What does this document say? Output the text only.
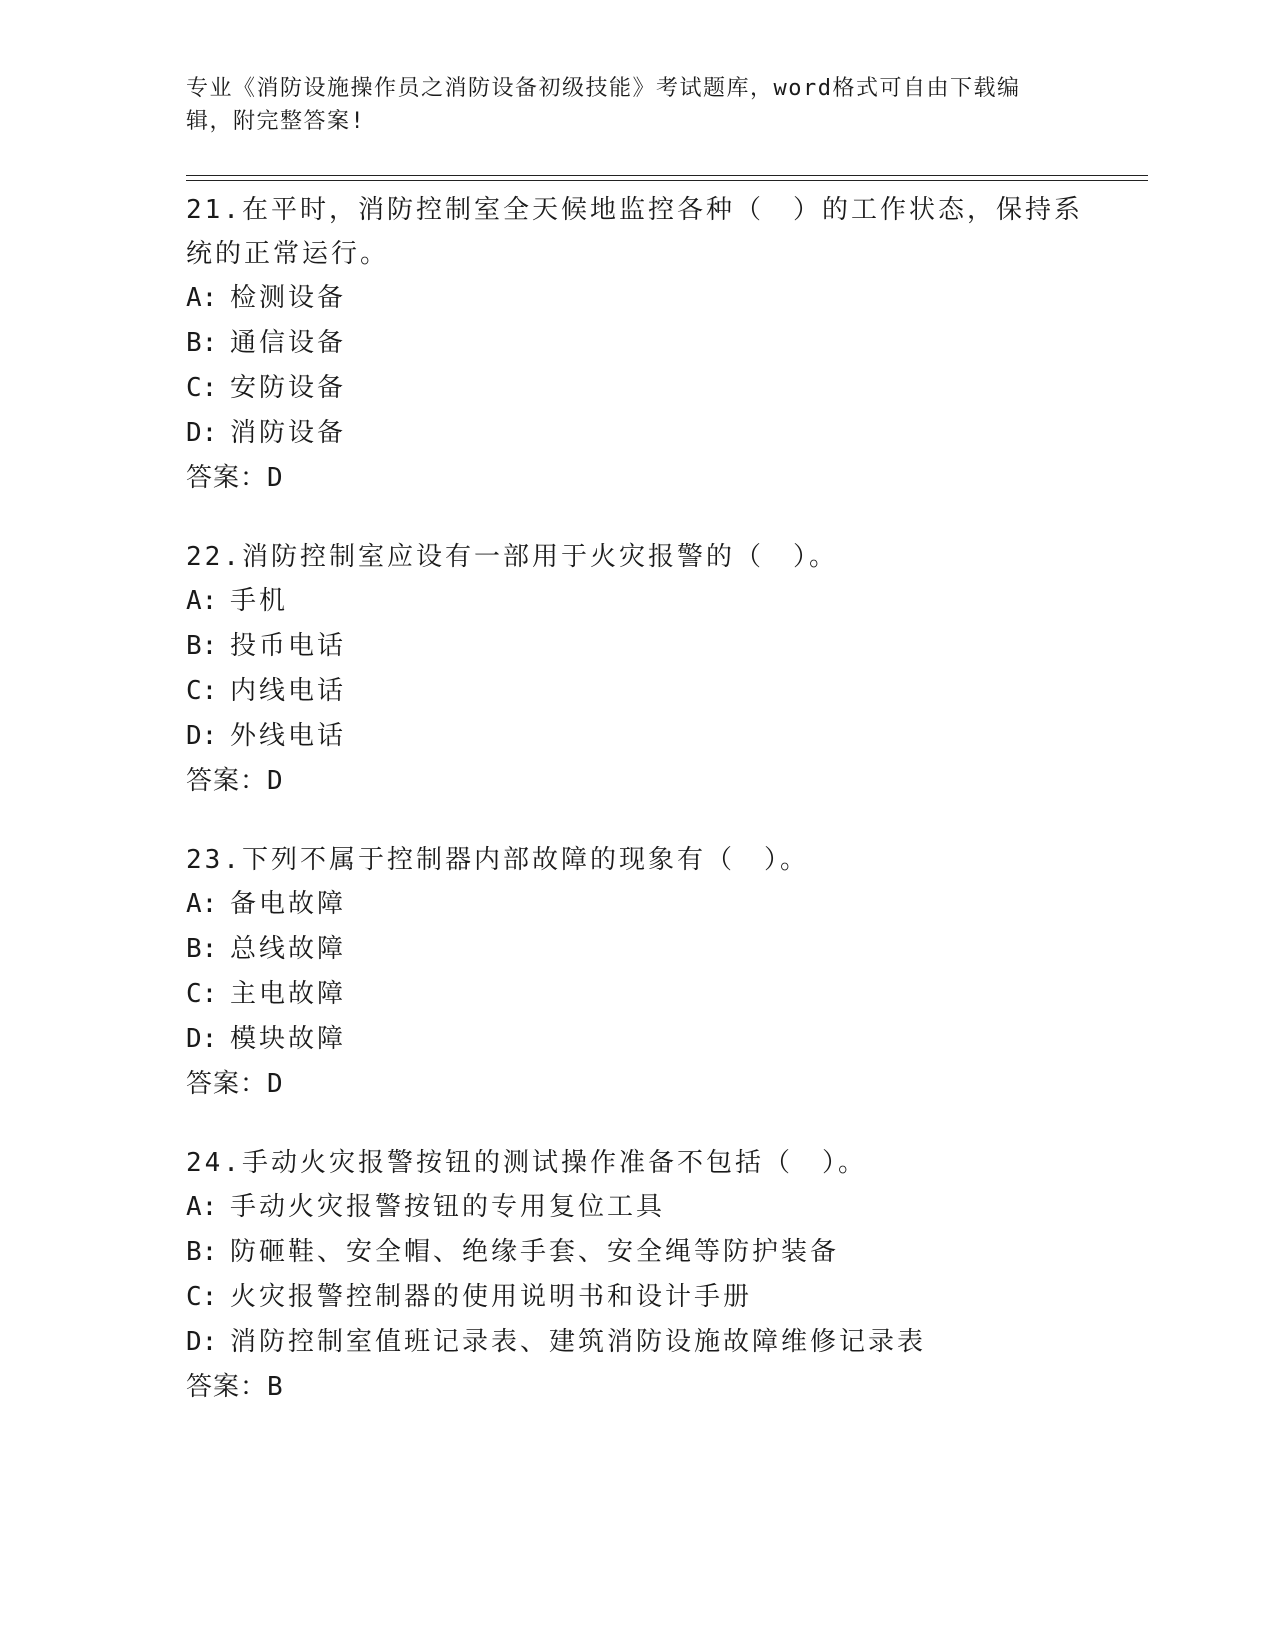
专业《消防设施操作员之消防设备初级技能》考试题库，word格式可自由下载编辑，附完整答案!

21.在平时，消防控制室全天候地监控各种（　）的工作状态，保持系统的正常运行。

A: 检测设备

B: 通信设备

C: 安防设备

D: 消防设备

答案：D

22.消防控制室应设有一部用于火灾报警的（　）。

A: 手机

B: 投币电话

C: 内线电话

D: 外线电话

答案：D

23.下列不属于控制器内部故障的现象有（　）。

A: 备电故障

B: 总线故障

C: 主电故障

D: 模块故障

答案：D

24.手动火灾报警按钮的测试操作准备不包括（　）。

A: 手动火灾报警按钮的专用复位工具

B: 防砸鞋、安全帽、绝缘手套、安全绳等防护装备

C: 火灾报警控制器的使用说明书和设计手册

D: 消防控制室值班记录表、建筑消防设施故障维修记录表

答案：B
